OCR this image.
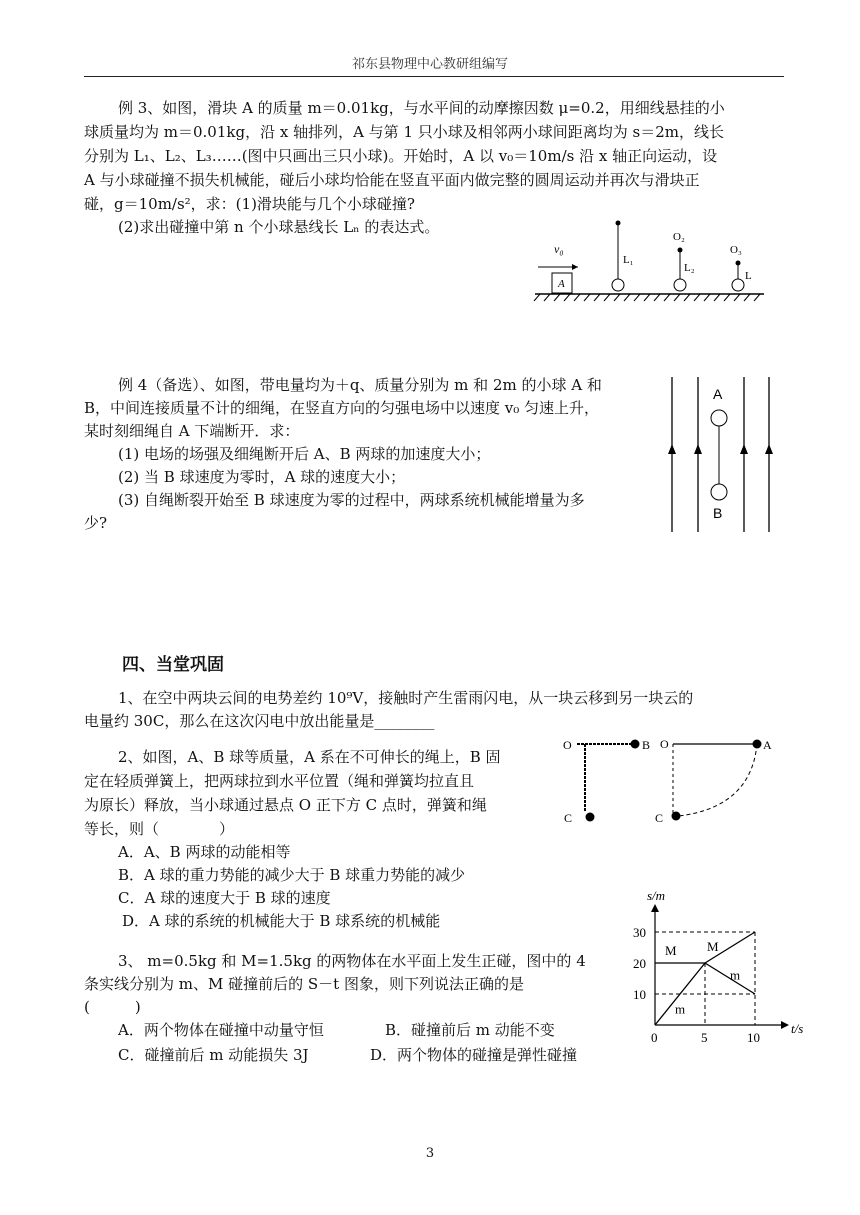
祁东县物理中心教研组编写
例 3、如图，滑块 A 的质量 m＝0.01kg，与水平间的动摩擦因数 μ=0.2，用细线悬挂的小
球质量均为 m＝0.01kg，沿 x 轴排列，A 与第 1 只小球及相邻两小球间距离均为 s＝2m，线长
分别为 L₁、L₂、L₃……(图中只画出三只小球)。开始时，A 以 v₀＝10m/s 沿 x 轴正向运动，设
A 与小球碰撞不损失机械能，碰后小球均恰能在竖直平面内做完整的圆周运动并再次与滑块正
碰，g＝10m/s²，求：(1)滑块能与几个小球碰撞?
(2)求出碰撞中第 n 个小球悬线长 Lₙ 的表达式。
A
v₀
L₁
O₂
L₂
O₃
L
例 4（备选）、如图，带电量均为＋q、质量分别为 m 和 2m 的小球 A 和
B，中间连接质量不计的细绳，在竖直方向的匀强电场中以速度 v₀ 匀速上升，
某时刻细绳自 A 下端断开．求：
(1) 电场的场强及细绳断开后 A、B 两球的加速度大小；
(2) 当 B 球速度为零时，A 球的速度大小；
(3) 自绳断裂开始至 B 球速度为零的过程中，两球系统机械能增量为多
少?
A
B
四、当堂巩固
1、在空中两块云间的电势差约 10⁹V，接触时产生雷雨闪电，从一块云移到另一块云的
电量约 30C，那么在这次闪电中放出能量是________
2、如图，A、B 球等质量，A 系在不可伸长的绳上，B 固
定在轻质弹簧上，把两球拉到水平位置（绳和弹簧均拉直且
为原长）释放，当小球通过悬点 O 正下方 C 点时，弹簧和绳
等长，则（　　　　）
A．A、B 两球的动能相等
B．A 球的重力势能的减少大于 B 球重力势能的减少
C．A 球的速度大于 B 球的速度
D．A 球的系统的机械能大于 B 球系统的机械能
O	B
C
O	A
C
3、 m=0.5kg 和 M=1.5kg 的两物体在水平面上发生正碰，图中的 4
条实线分别为 m、M 碰撞前后的 S－t 图象，则下列说法正确的是
(　　　)
A．两个物体在碰撞中动量守恒	B．碰撞前后 m 动能不变
C．碰撞前后 m 动能损失 3J	D．两个物体的碰撞是弹性碰撞
s/m
t/s
0	5	10
10
20
30
M
m
M
m
3
